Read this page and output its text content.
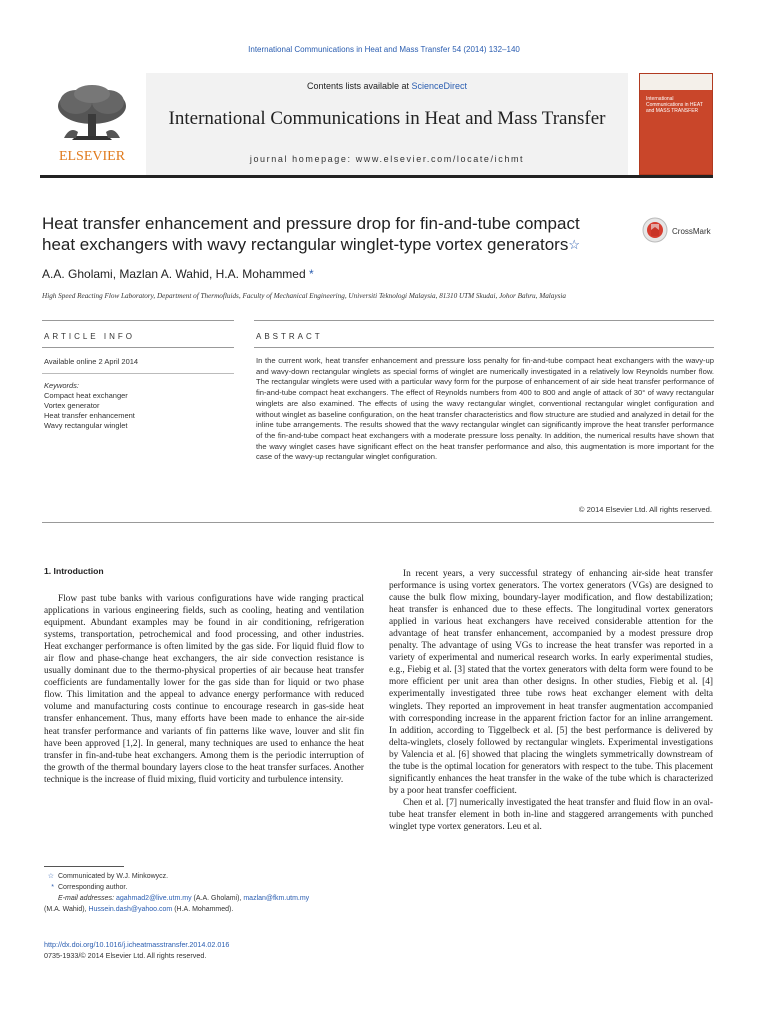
International Communications in Heat and Mass Transfer 54 (2014) 132–140
ELSEVIER
Contents lists available at ScienceDirect
International Communications in Heat and Mass Transfer
journal homepage: www.elsevier.com/locate/ichmt
International Communications in HEAT and MASS TRANSFER
Heat transfer enhancement and pressure drop for fin-and-tube compact
heat exchangers with wavy rectangular winglet-type vortex generators☆
CrossMark
A.A. Gholami, Mazlan A. Wahid, H.A. Mohammed *
High Speed Reacting Flow Laboratory, Department of Thermofluids, Faculty of Mechanical Engineering, Universiti Teknologi Malaysia, 81310 UTM Skudai, Johor Bahru, Malaysia
ARTICLE INFO	ABSTRACT
Available online 2 April 2014
Keywords:
Compact heat exchanger
Vortex generator
Heat transfer enhancement
Wavy rectangular winglet
In the current work, heat transfer enhancement and pressure loss penalty for fin-and-tube compact heat exchangers with the wavy-up and wavy-down rectangular winglets as special forms of winglet are numerically investigated in a relatively low Reynolds number flow. The rectangular winglets were used with a particular wavy form for the purpose of enhancement of air side heat transfer performance of fin-and-tube compact heat exchangers. The effect of Reynolds numbers from 400 to 800 and angle of attack of 30° of wavy rectangular winglets are also examined. The effects of using the wavy rectangular winglet, conventional rectangular winglet configuration and without winglet as baseline configuration, on the heat transfer characteristics and flow structure are studied and analyzed in detail for the inline tube arrangements. The results showed that the wavy rectangular winglet can significantly improve the heat transfer performance of the fin-and-tube compact heat exchangers with a moderate pressure loss penalty. In addition, the numerical results have shown that the wavy winglet cases have significant effect on the heat transfer performance and also, this augmentation is more important for the case of the wavy-up rectangular winglet configuration.
© 2014 Elsevier Ltd. All rights reserved.
1. Introduction
Flow past tube banks with various configurations have wide ranging practical applications in various engineering fields, such as cooling, heating and ventilation equipment. Abundant examples may be found in air conditioning, refrigeration systems, transportation, petrochemical and food processing, and other industries. Heat exchanger performance is often limited by the gas side. For liquid fluid flow to air flow and phase-change heat exchangers, the air side convection resistance is usually dominant due to the thermo-physical properties of air because heat transfer coefficients are fundamentally lower for the gas side than for liquid or two phase flow. This limitation and the appeal to advance energy performance with reduced volume and manufacturing costs continue to encourage research in gas-side heat transfer enhancement. Thus, many efforts have been made to enhance the air-side heat transfer performance and variants of fin patterns like wave, louver and slit fin have been approved [1,2]. In general, many techniques are used to enhance the heat transfer in fin-and-tube heat exchangers. Among them is the periodic interruption of the growth of the thermal boundary layers close to the heat transfer surfaces. Another technique is the increase of fluid mixing, fluid vorticity and turbulence intensity.

In recent years, a very successful strategy of enhancing air-side heat transfer performance is using vortex generators. The vortex generators (VGs) are designed to cause the bulk flow mixing, boundary-layer modification, and flow destabilization; heat transfer is enhanced due to these effects. The longitudinal vortex generators applied in various heat exchangers have received considerable attention for the advantage of heat transfer enhancement, accompanied by a modest pressure drop penalty. The advantage of using VGs to increase the heat transfer was reported in a variety of experimental and numerical research works. In early experimental studies, e.g., Fiebig et al. [3] stated that the vortex generators with delta form were found to be more efficient per unit area than other designs. In other studies, Fiebig et al. [4] experimentally investigated three tube rows heat exchanger element with delta winglets. They reported an improvement in heat transfer augmentation accompanied with corresponding increase in the apparent friction factor for an inline arrangement. In addition, according to Tiggelbeck et al. [5] the best performance is delivered by delta-winglets, closely followed by rectangular winglets. Experimental investigations by Valencia et al. [6] showed that placing the winglets symmetrically downstream of the tube is the optimal location for generators with respect to the tube. This placement significantly enhances the heat transfer in the wake of the tube which is characterized by a poor heat transfer coefficient.

Chen et al. [7] numerically investigated the heat transfer and fluid flow in an oval-tube heat transfer element in both in-line and staggered arrangements with punched winglet type vortex generators. Leu et al.

☆ Communicated by W.J. Minkowycz.
* Corresponding author.
E-mail addresses: agahmad2@live.utm.my (A.A. Gholami), mazlan@fkm.utm.my
(M.A. Wahid), Hussein.dash@yahoo.com (H.A. Mohammed).
http://dx.doi.org/10.1016/j.icheatmasstransfer.2014.02.016
0735-1933/© 2014 Elsevier Ltd. All rights reserved.
